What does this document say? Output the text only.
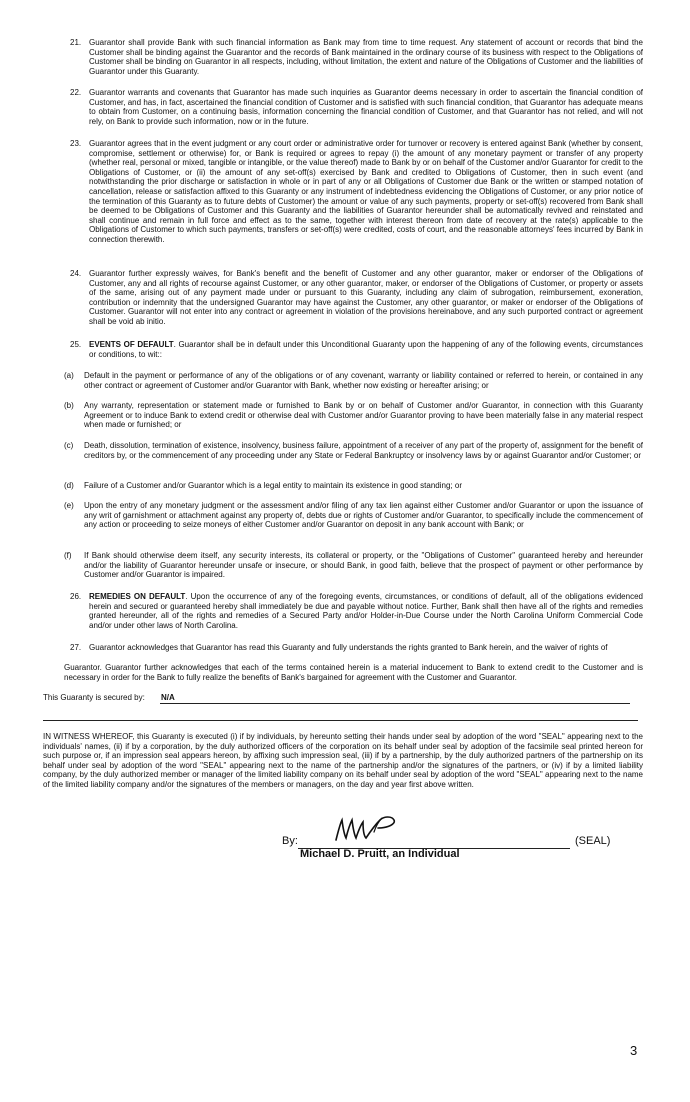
21. Guarantor shall provide Bank with such financial information as Bank may from time to time request. Any statement of account or records that bind the Customer shall be binding against the Guarantor and the records of Bank maintained in the ordinary course of its business with respect to the Obligations of Customer shall be binding on Guarantor in all respects, including, without limitation, the extent and nature of the Obligations of Customer and the liabilities of Guarantor under this Guaranty.
22. Guarantor warrants and covenants that Guarantor has made such inquiries as Guarantor deems necessary in order to ascertain the financial condition of Customer, and has, in fact, ascertained the financial condition of Customer and is satisfied with such financial condition, that Guarantor has adequate means to obtain from Customer, on a continuing basis, information concerning the financial condition of Customer, and that Guarantor has not relied, and will not rely, on Bank to provide such information, now or in the future.
23. Guarantor agrees that in the event judgment or any court order or administrative order for turnover or recovery is entered against Bank (whether by consent, compromise, settlement or otherwise) for, or Bank is required or agrees to repay (i) the amount of any monetary payment or transfer of any property (whether real, personal or mixed, tangible or intangible, or the value thereof) made to Bank by or on behalf of the Customer and/or Guarantor for credit to the Obligations of Customer, or (ii) the amount of any set-off(s) exercised by Bank and credited to Obligations of Customer, then in such event (and notwithstanding the prior discharge or satisfaction in whole or in part of any or all Obligations of Customer due Bank or the written or stamped notation of cancellation, release or satisfaction affixed to this Guaranty or any instrument of indebtedness evidencing the Obligations of Customer, or any prior notice of the termination of this Guaranty as to future debts of Customer) the amount or value of any such payments, property or set-off(s) recovered from Bank shall be deemed to be Obligations of Customer and this Guaranty and the liabilities of Guarantor hereunder shall be automatically revived and reinstated and shall continue and remain in full force and effect as to the same, together with interest thereon from date of recovery at the rate(s) applicable to the Obligations of Customer to which such payments, transfers or set-off(s) were credited, costs of court, and the reasonable attorneys' fees incurred by Bank in connection therewith.
24. Guarantor further expressly waives, for Bank's benefit and the benefit of Customer and any other guarantor, maker or endorser of the Obligations of Customer, any and all rights of recourse against Customer, or any other guarantor, maker, or endorser of the Obligations of Customer, or property or assets of the same, arising out of any payment made under or pursuant to this Guaranty, including any claim of subrogation, reimbursement, exoneration, contribution or indemnity that the undersigned Guarantor may have against the Customer, any other guarantor, or maker or endorser of the Obligations of Customer. Guarantor will not enter into any contract or agreement in violation of the provisions hereinabove, and any such purported contract or agreement shall be void ab initio.
25. EVENTS OF DEFAULT. Guarantor shall be in default under this Unconditional Guaranty upon the happening of any of the following events, circumstances or conditions, to wit::
(a) Default in the payment or performance of any of the obligations or of any covenant, warranty or liability contained or referred to herein, or contained in any other contract or agreement of Customer and/or Guarantor with Bank, whether now existing or hereafter arising; or
(b) Any warranty, representation or statement made or furnished to Bank by or on behalf of Customer and/or Guarantor, in connection with this Guaranty Agreement or to induce Bank to extend credit or otherwise deal with Customer and/or Guarantor proving to have been materially false in any material respect when made or furnished; or
(c) Death, dissolution, termination of existence, insolvency, business failure, appointment of a receiver of any part of the property of, assignment for the benefit of creditors by, or the commencement of any proceeding under any State or Federal Bankruptcy or insolvency laws by or against Guarantor and/or Customer; or
(d) Failure of a Customer and/or Guarantor which is a legal entity to maintain its existence in good standing; or
(e) Upon the entry of any monetary judgment or the assessment and/or filing of any tax lien against either Customer and/or Guarantor or upon the issuance of any writ of garnishment or attachment against any property of, debts due or rights of Customer and/or Guarantor, to specifically include the commencement of any action or proceeding to seize moneys of either Customer and/or Guarantor on deposit in any bank account with Bank; or
(f) If Bank should otherwise deem itself, any security interests, its collateral or property, or the "Obligations of Customer" guaranteed hereby and hereunder and/or the liability of Guarantor hereunder unsafe or insecure, or should Bank, in good faith, believe that the prospect of payment or other performance by Customer and/or Guarantor is impaired.
26. REMEDIES ON DEFAULT. Upon the occurrence of any of the foregoing events, circumstances, or conditions of default, all of the obligations evidenced herein and secured or guaranteed hereby shall immediately be due and payable without notice. Further, Bank shall then have all of the rights and remedies granted hereunder, all of the rights and remedies of a Secured Party and/or Holder-in-Due Course under the North Carolina Uniform Commercial Code and/or under other laws of North Carolina.
27. Guarantor acknowledges that Guarantor has read this Guaranty and fully understands the rights granted to Bank herein, and the waiver of rights of
Guarantor. Guarantor further acknowledges that each of the terms contained herein is a material inducement to Bank to extend credit to the Customer and is necessary in order for the Bank to fully realize the benefits of Bank's bargained for agreement with the Customer and Guarantor.
This Guaranty is secured by: N/A
IN WITNESS WHEREOF, this Guaranty is executed (i) if by individuals, by hereunto setting their hands under seal by adoption of the word "SEAL" appearing next to the individuals' names, (ii) if by a corporation, by the duly authorized officers of the corporation on its behalf under seal by adoption of the facsimile seal printed hereon for such purpose or, if an impression seal appears hereon, by affixing such impression seal, (iii) if by a partnership, by the duly authorized partners of the partnership on its behalf under seal by adoption of the word "SEAL" appearing next to the name of the partnership and/or the signatures of the partners, or (iv) if by a limited liability company, by the duly authorized member or manager of the limited liability company on its behalf under seal by adoption of the word "SEAL" appearing next to the name of the limited liability company and/or the signatures of the members or managers, on the day and year first above written.
By:	(SEAL)
Michael D. Pruitt, an Individual
3
